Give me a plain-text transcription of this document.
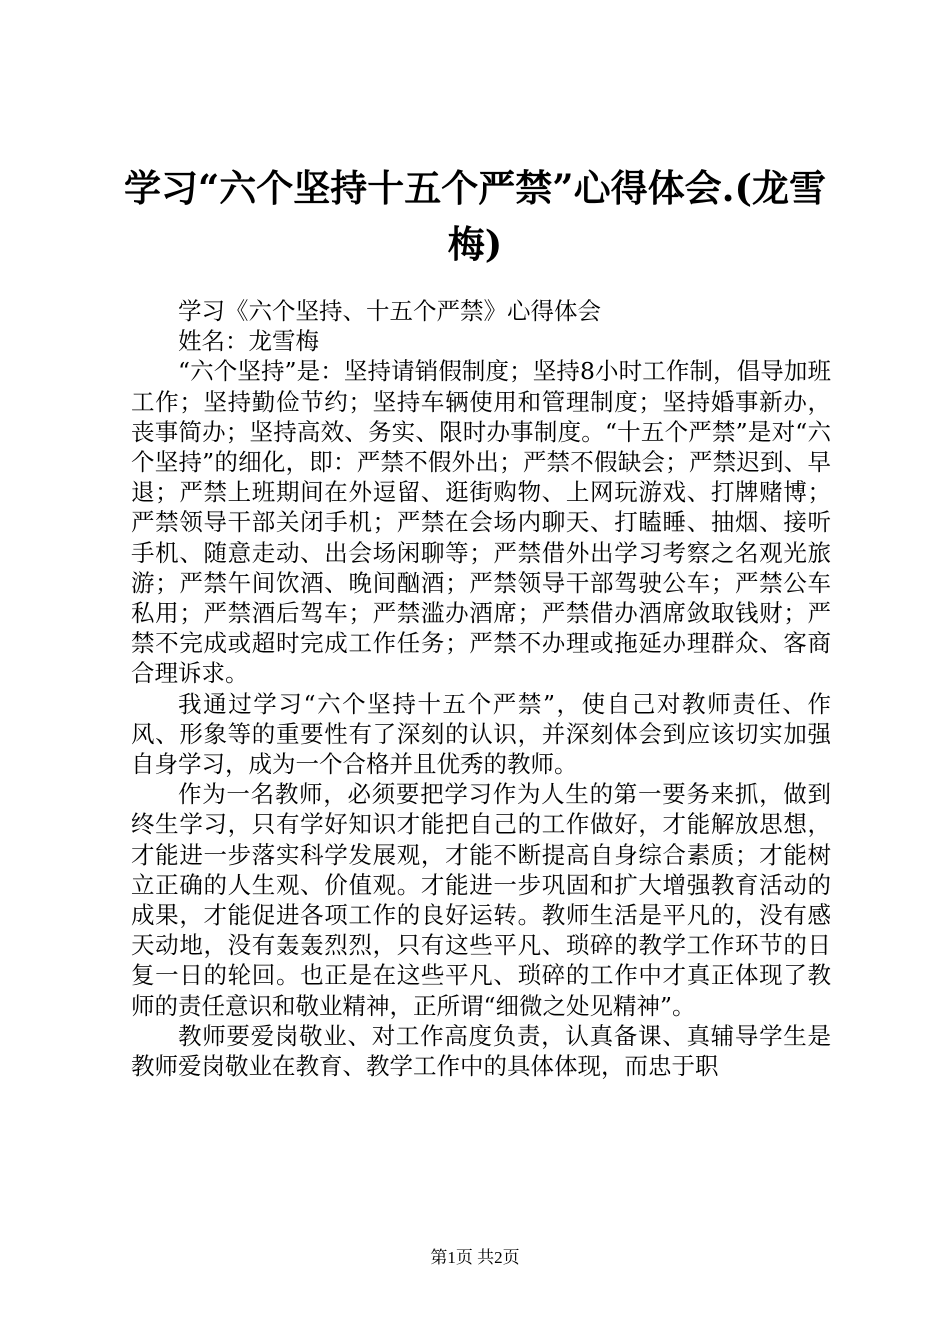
学习“六个坚持十五个严禁”心得体会.(龙雪梅)

学习《六个坚持、十五个严禁》心得体会

姓名：龙雪梅

“六个坚持”是：坚持请销假制度；坚持8小时工作制，倡导加班工作；坚持勤俭节约；坚持车辆使用和管理制度；坚持婚事新办，丧事简办；坚持高效、务实、限时办事制度。“十五个严禁”是对“六个坚持”的细化，即：严禁不假外出；严禁不假缺会；严禁迟到、早退；严禁上班期间在外逗留、逛街购物、上网玩游戏、打牌赌博；严禁领导干部关闭手机；严禁在会场内聊天、打瞌睡、抽烟、接听手机、随意走动、出会场闲聊等；严禁借外出学习考察之名观光旅游；严禁午间饮酒、晚间酗酒；严禁领导干部驾驶公车；严禁公车私用；严禁酒后驾车；严禁滥办酒席；严禁借办酒席敛取钱财；严禁不完成或超时完成工作任务；严禁不办理或拖延办理群众、客商合理诉求。

我通过学习“六个坚持十五个严禁”，使自己对教师责任、作风、形象等的重要性有了深刻的认识，并深刻体会到应该切实加强自身学习，成为一个合格并且优秀的教师。

作为一名教师，必须要把学习作为人生的第一要务来抓，做到终生学习，只有学好知识才能把自己的工作做好，才能解放思想，才能进一步落实科学发展观，才能不断提高自身综合素质；才能树立正确的人生观、价值观。才能进一步巩固和扩大增强教育活动的成果，才能促进各项工作的良好运转。教师生活是平凡的，没有感天动地，没有轰轰烈烈，只有这些平凡、琐碎的教学工作环节的日复一日的轮回。也正是在这些平凡、琐碎的工作中才真正体现了教师的责任意识和敬业精神，正所谓“细微之处见精神”。

教师要爱岗敬业、对工作高度负责，认真备课、真辅导学生是教师爱岗敬业在教育、教学工作中的具体体现，而忠于职

第1页 共2页
